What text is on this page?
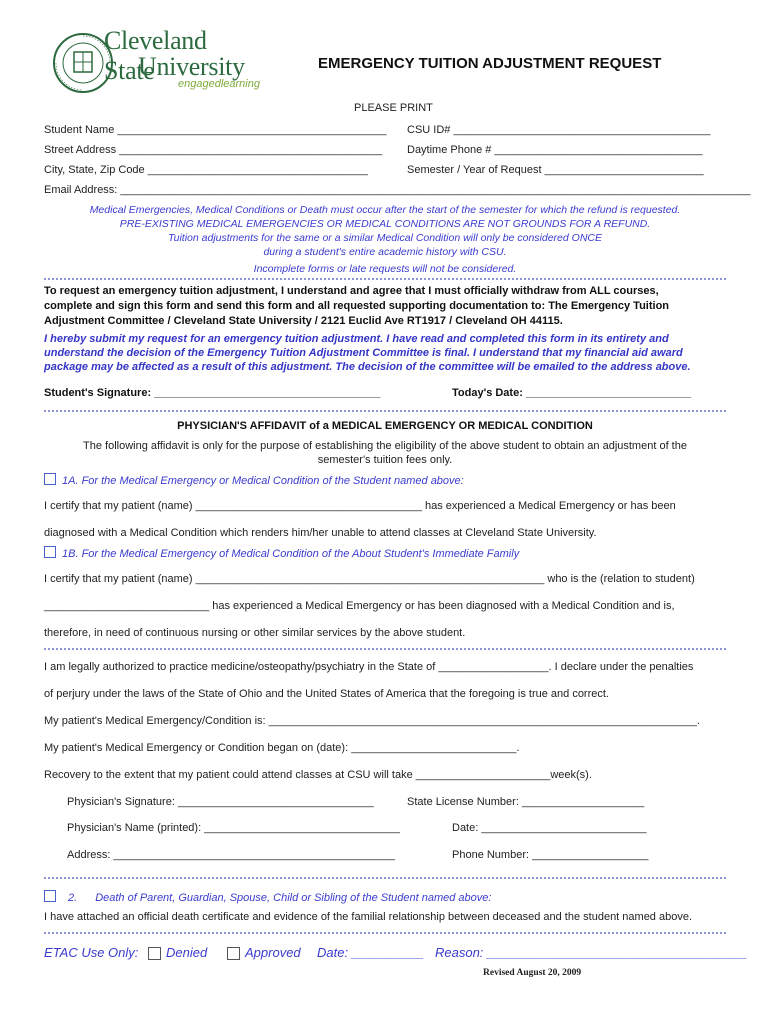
Cleveland State
University
engagedlearning
EMERGENCY TUITION ADJUSTMENT REQUEST
PLEASE PRINT
Student Name ____________________________________________ CSU ID# __________________________________________
Street Address ___________________________________________ Daytime Phone # __________________________________
City, State, Zip Code ____________________________________	Semester / Year of Request __________________________
Email Address: _______________________________________________________________________________________________________
Medical Emergencies, Medical Conditions or Death must occur after the start of the semester for which the refund is requested.
PRE-EXISTING MEDICAL EMERGENCIES OR MEDICAL CONDITIONS ARE NOT GROUNDS FOR A REFUND.
Tuition adjustments for the same or a similar Medical Condition will only be considered ONCE
during a student's entire academic history with CSU.
Incomplete forms or late requests will not be considered.
To request an emergency tuition adjustment, I understand and agree that I must officially withdraw from ALL courses,
complete and sign this form and send this form and all requested supporting documentation to: The Emergency Tuition
Adjustment Committee / Cleveland State University / 2121 Euclid Ave RT1917 / Cleveland OH 44115.
I hereby submit my request for an emergency tuition adjustment. I have read and completed this form in its entirety and
understand the decision of the Emergency Tuition Adjustment Committee is final. I understand that my financial aid award
package may be affected as a result of this adjustment. The decision of the committee will be emailed to the address above.
Student's Signature: _____________________________________	Today's Date: ___________________________
PHYSICIAN'S AFFIDAVIT of a MEDICAL EMERGENCY OR MEDICAL CONDITION
The following affidavit is only for the purpose of establishing the eligibility of the above student to obtain an adjustment of the
semester's tuition fees only.
1A. For the Medical Emergency or Medical Condition of the Student named above:
I certify that my patient (name) _____________________________________ has experienced a Medical Emergency or has been
diagnosed with a Medical Condition which renders him/her unable to attend classes at Cleveland State University.
1B. For the Medical Emergency of Medical Condition of the About Student's Immediate Family
I certify that my patient (name) _________________________________________________________ who is the (relation to student)
___________________________ has experienced a Medical Emergency or has been diagnosed with a Medical Condition and is,
therefore, in need of continuous nursing or other similar services by the above student.
I am legally authorized to practice medicine/osteopathy/psychiatry in the State of __________________. I declare under the penalties
of perjury under the laws of the State of Ohio and the United States of America that the foregoing is true and correct.
My patient's Medical Emergency/Condition is: ______________________________________________________________________.
My patient's Medical Emergency or Condition began on (date): ___________________________.
Recovery to the extent that my patient could attend classes at CSU will take ______________________week(s).
Physician's Signature: ________________________________	State License Number: ____________________
Physician's Name (printed): ________________________________	Date: ___________________________
Address: ______________________________________________	Phone Number: ___________________
2. Death of Parent, Guardian, Spouse, Child or Sibling of the Student named above:
I have attached an official death certificate and evidence of the familial relationship between deceased and the student named above.
ETAC Use Only: Denied	Approved Date: __________ Reason: ____________________________________
Revised August 20, 2009
